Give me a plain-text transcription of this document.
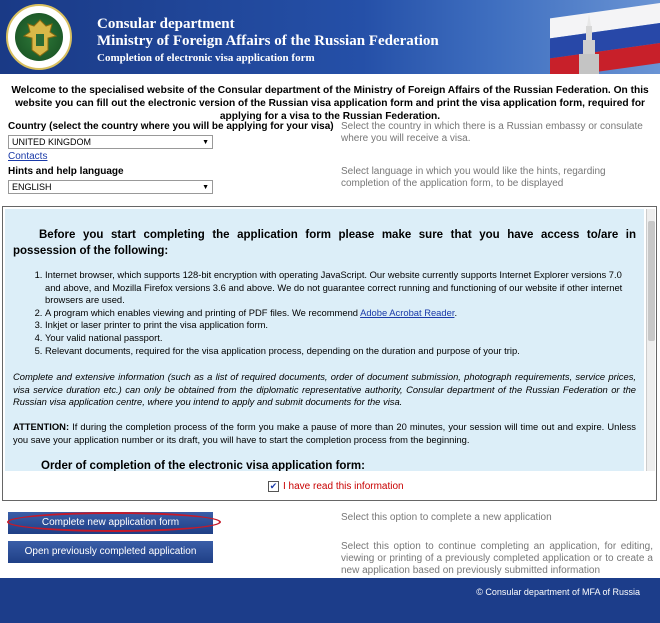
Consular department
Ministry of Foreign Affairs of the Russian Federation
Completion of electronic visa application form
Welcome to the specialised website of the Consular department of the Ministry of Foreign Affairs of the Russian Federation. On this website you can fill out the electronic version of the Russian visa application form and print the visa application form, required for applying for a visa to the Russian Federation.
Country (select the country where you will be applying for your visa)
UNITED KINGDOM	▼
Select the country in which there is a Russian embassy or consulate where you will receive a visa.
Contacts
Hints and help language
ENGLISH	▼
Select language in which you would like the hints, regarding completion of the application form, to be displayed
Before you start completing the application form please make sure that you have access to/are in possession of the following:
1. Internet browser, which supports 128-bit encryption with operating JavaScript. Our website currently supports Internet Explorer versions 7.0 and above, and Mozilla Firefox versions 3.6 and above. We do not guarantee correct running and functioning of our website if other internet browsers are used.
2. A program which enables viewing and printing of PDF files. We recommend Adobe Acrobat Reader.
3. Inkjet or laser printer to print the visa application form.
4. Your valid national passport.
5. Relevant documents, required for the visa application process, depending on the duration and purpose of your trip.
Complete and extensive information (such as a list of required documents, order of document submission, photograph requirements, service prices, visa service duration etc.) can only be obtained from the diplomatic representative authority, Consular department of the Russian Federation or the Russian visa application centre, where you intend to apply and submit documents for the visa.
ATTENTION: If during the completion process of the form you make a pause of more than 20 minutes, your session will time out and expire. Unless you save your application number or its draft, you will have to start the completion process from the beginning.
Order of completion of the electronic visa application form:
✔ I have read this information
Complete new application form	Select this option to complete a new application
Open previously completed application	Select this option to continue completing an application, for editing, viewing or printing of a previously completed application or to create a new application based on previously submitted information
© Consular department of MFA of Russia
